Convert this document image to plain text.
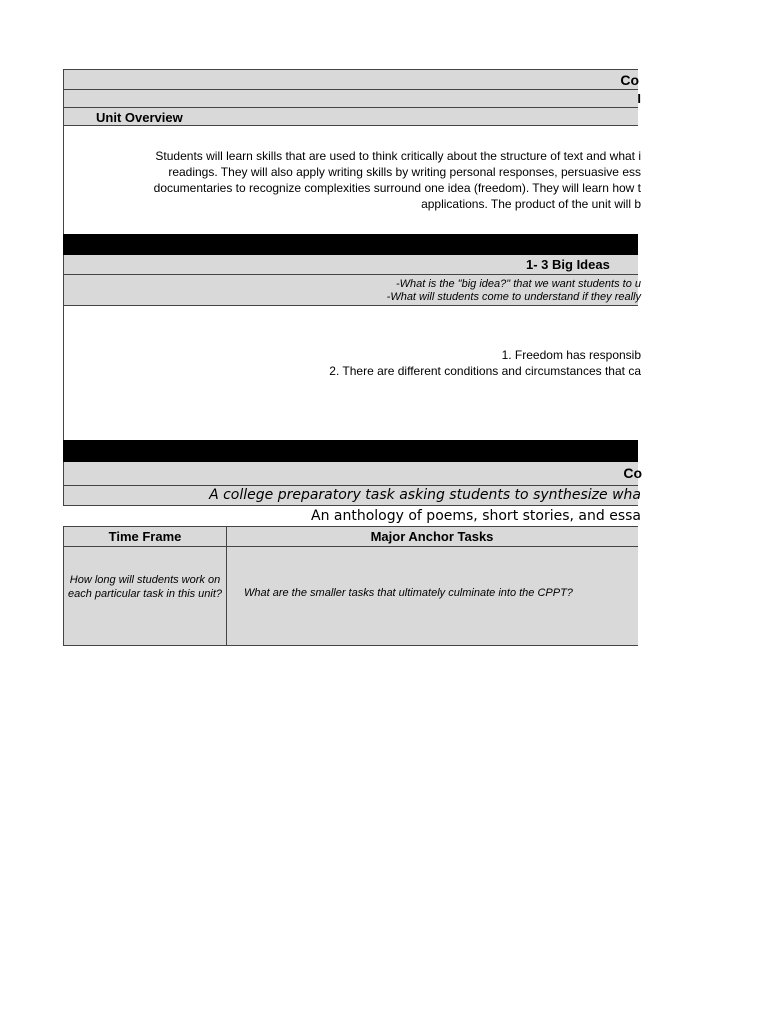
Co
I
Unit Overview
Students will learn skills that are used to think critically about the structure of text and what i
readings. They will also apply writing skills by writing personal responses, persuasive ess
documentaries to recognize complexities surround one idea (freedom). They will learn how t
applications. The product of the unit will b
1- 3 Big Ideas
-What is the "big idea?" that we want students to u
-What will students come to understand if they really
1. Freedom has responsib
2. There are different conditions and circumstances that ca
Co
A college preparatory task asking students to synthesize wha
An anthology of poems, short stories, and essa
Time Frame	Major Anchor Tasks
How long will students work on each particular task in this unit? What are the smaller tasks that ultimately culminate into the CPPT?
